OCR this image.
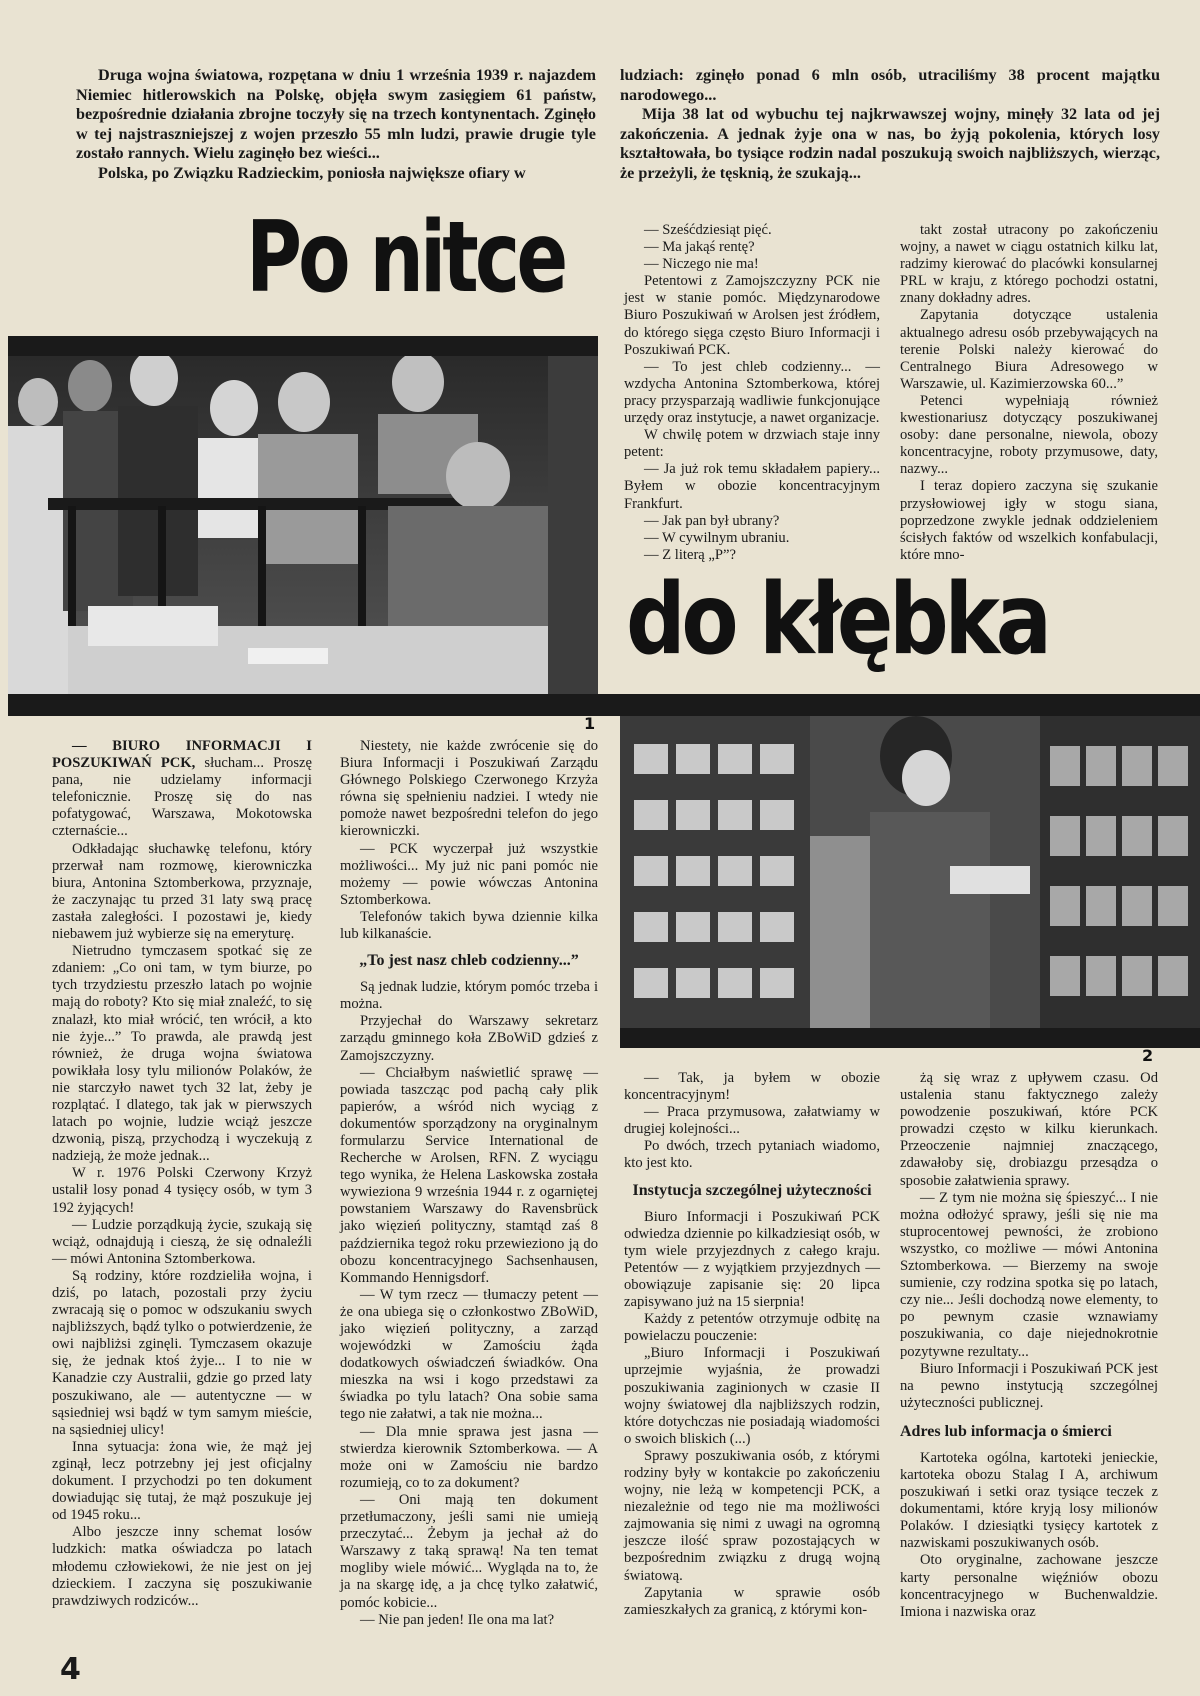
Druga wojna światowa, rozpętana w dniu 1 września 1939 r. najazdem Niemiec hitlerowskich na Polskę, objęła swym zasięgiem 61 państw, bezpośrednie działania zbrojne toczyły się na trzech kontynentach. Zginęło w tej najstraszniejszej z wojen przeszło 55 mln ludzi, prawie drugie tyle zostało rannych. Wielu zaginęło bez wieści...

Polska, po Związku Radzieckim, poniosła największe ofiary w

ludziach: zginęło ponad 6 mln osób, utraciliśmy 38 procent majątku narodowego...

Mija 38 lat od wybuchu tej najkrwawszej wojny, minęły 32 lata od jej zakończenia. A jednak żyje ona w nas, bo żyją pokolenia, których losy kształtowała, bo tysiące rodzin nadal poszukują swoich najbliższych, wierząc, że przeżyli, że tęsknią, że szukają...

Po nitce
do kłębka
1
2

— Sześćdziesiąt pięć.

— Ma jakąś rentę?

— Niczego nie ma!

Petentowi z Zamojszczyzny PCK nie jest w stanie pomóc. Międzynarodowe Biuro Poszukiwań w Arolsen jest źródłem, do którego sięga często Biuro Informacji i Poszukiwań PCK.

— To jest chleb codzienny... — wzdycha Antonina Sztomberkowa, której pracy przysparzają wadliwie funkcjonujące urzędy oraz instytucje, a nawet organizacje.

W chwilę potem w drzwiach staje inny petent:

— Ja już rok temu składałem papiery... Byłem w obozie koncentracyjnym Frankfurt.

— Jak pan był ubrany?

— W cywilnym ubraniu.

— Z literą „P”?

takt został utracony po zakończeniu wojny, a nawet w ciągu ostatnich kilku lat, radzimy kierować do placówki konsularnej PRL w kraju, z którego pochodzi ostatni, znany dokładny adres.

Zapytania dotyczące ustalenia aktualnego adresu osób przebywających na terenie Polski należy kierować do Centralnego Biura Adresowego w Warszawie, ul. Kazimierzowska 60...”

Petenci wypełniają również kwestionariusz dotyczący poszukiwanej osoby: dane personalne, niewola, obozy koncentracyjne, roboty przymusowe, daty, nazwy...

I teraz dopiero zaczyna się szukanie przysłowiowej igły w stogu siana, poprzedzone zwykle jednak oddzieleniem ścisłych faktów od wszelkich konfabulacji, które mno-

— BIURO INFORMACJI I POSZUKIWAŃ PCK, słucham... Proszę pana, nie udzielamy informacji telefonicznie. Proszę się do nas pofatygować, Warszawa, Mokotowska czternaście...

Odkładając słuchawkę telefonu, który przerwał nam rozmowę, kierowniczka biura, Antonina Sztomberkowa, przyznaje, że zaczynając tu przed 31 laty swą pracę zastała zaległości. I pozostawi je, kiedy niebawem już wybierze się na emeryturę.

Nietrudno tymczasem spotkać się ze zdaniem: „Co oni tam, w tym biurze, po tych trzydziestu przeszło latach po wojnie mają do roboty? Kto się miał znaleźć, to się znalazł, kto miał wrócić, ten wrócił, a kto nie żyje...” To prawda, ale prawdą jest również, że druga wojna światowa powikłała losy tylu milionów Polaków, że nie starczyło nawet tych 32 lat, żeby je rozplątać. I dlatego, tak jak w pierwszych latach po wojnie, ludzie wciąż jeszcze dzwonią, piszą, przychodzą i wyczekują z nadzieją, że może jednak...

W r. 1976 Polski Czerwony Krzyż ustalił losy ponad 4 tysięcy osób, w tym 3 192 żyjących!

— Ludzie porządkują życie, szukają się wciąż, odnajdują i cieszą, że się odnaleźli — mówi Antonina Sztomberkowa.

Są rodziny, które rozdzieliła wojna, i dziś, po latach, pozostali przy życiu zwracają się o pomoc w odszukaniu swych najbliższych, bądź tylko o potwierdzenie, że owi najbliżsi zginęli. Tymczasem okazuje się, że jednak ktoś żyje... I to nie w Kanadzie czy Australii, gdzie go przed laty poszukiwano, ale — autentyczne — w sąsiedniej wsi bądź w tym samym mieście, na sąsiedniej ulicy!

Inna sytuacja: żona wie, że mąż jej zginął, lecz potrzebny jej jest oficjalny dokument. I przychodzi po ten dokument dowiadując się tutaj, że mąż poszukuje jej od 1945 roku...

Albo jeszcze inny schemat losów ludzkich: matka oświadcza po latach młodemu człowiekowi, że nie jest on jej dzieckiem. I zaczyna się poszukiwanie prawdziwych rodziców...

Niestety, nie każde zwrócenie się do Biura Informacji i Poszukiwań Zarządu Głównego Polskiego Czerwonego Krzyża równa się spełnieniu nadziei. I wtedy nie pomoże nawet bezpośredni telefon do jego kierowniczki.

— PCK wyczerpał już wszystkie możliwości... My już nic pani pomóc nie możemy — powie wówczas Antonina Sztomberkowa.

Telefonów takich bywa dziennie kilka lub kilkanaście.

„To jest nasz chleb codzienny...”

Są jednak ludzie, którym pomóc trzeba i można.

Przyjechał do Warszawy sekretarz zarządu gminnego koła ZBoWiD gdzieś z Zamojszczyzny.

— Chciałbym naświetlić sprawę — powiada taszcząc pod pachą cały plik papierów, a wśród nich wyciąg z dokumentów sporządzony na oryginalnym formularzu Service International de Recherche w Arolsen, RFN. Z wyciągu tego wynika, że Helena Laskowska została wywieziona 9 września 1944 r. z ogarniętej powstaniem Warszawy do Ravensbrück jako więzień polityczny, stamtąd zaś 8 października tegoż roku przewieziono ją do obozu koncentracyjnego Sachsenhausen, Kommando Hennigsdorf.

— W tym rzecz — tłumaczy petent — że ona ubiega się o członkostwo ZBoWiD, jako więzień polityczny, a zarząd wojewódzki w Zamościu żąda dodatkowych oświadczeń świadków. Ona mieszka na wsi i kogo przedstawi za świadka po tylu latach? Ona sobie sama tego nie załatwi, a tak nie można...

— Dla mnie sprawa jest jasna — stwierdza kierownik Sztomberkowa. — A może oni w Zamościu nie bardzo rozumieją, co to za dokument?

— Oni mają ten dokument przetłumaczony, jeśli sami nie umieją przeczytać... Żebym ja jechał aż do Warszawy z taką sprawą! Na ten temat mogliby wiele mówić... Wygląda na to, że ja na skargę idę, a ja chcę tylko załatwić, pomóc kobicie...

— Nie pan jeden! Ile ona ma lat?

— Tak, ja byłem w obozie koncentracyjnym!

— Praca przymusowa, załatwiamy w drugiej kolejności...

Po dwóch, trzech pytaniach wiadomo, kto jest kto.

Instytucja szczególnej użyteczności

Biuro Informacji i Poszukiwań PCK odwiedza dziennie po kilkadziesiąt osób, w tym wiele przyjezdnych z całego kraju. Petentów — z wyjątkiem przyjezdnych — obowiązuje zapisanie się: 20 lipca zapisywano już na 15 sierpnia!

Każdy z petentów otrzymuje odbitę na powielaczu pouczenie:

„Biuro Informacji i Poszukiwań uprzejmie wyjaśnia, że prowadzi poszukiwania zaginionych w czasie II wojny światowej dla najbliższych rodzin, które dotychczas nie posiadają wiadomości o swoich bliskich (...)

Sprawy poszukiwania osób, z którymi rodziny były w kontakcie po zakończeniu wojny, nie leżą w kompetencji PCK, a niezależnie od tego nie ma możliwości zajmowania się nimi z uwagi na ogromną jeszcze ilość spraw pozostających w bezpośrednim związku z drugą wojną światową.

Zapytania w sprawie osób zamieszkałych za granicą, z którymi kon-

żą się wraz z upływem czasu. Od ustalenia stanu faktycznego zależy powodzenie poszukiwań, które PCK prowadzi często w kilku kierunkach. Przeoczenie najmniej znaczącego, zdawałoby się, drobiazgu przesądza o sposobie załatwienia sprawy.

— Z tym nie można się śpieszyć... I nie można odłożyć sprawy, jeśli się nie ma stuprocentowej pewności, że zrobiono wszystko, co możliwe — mówi Antonina Sztomberkowa. — Bierzemy na swoje sumienie, czy rodzina spotka się po latach, czy nie... Jeśli dochodzą nowe elementy, to po pewnym czasie wznawiamy poszukiwania, co daje niejednokrotnie pozytywne rezultaty...

Biuro Informacji i Poszukiwań PCK jest na pewno instytucją szczególnej użyteczności publicznej.

Adres lub informacja o śmierci

Kartoteka ogólna, kartoteki jenieckie, kartoteka obozu Stalag I A, archiwum poszukiwań i setki oraz tysiące teczek z dokumentami, które kryją losy milionów Polaków. I dziesiątki tysięcy kartotek z nazwiskami poszukiwanych osób.

Oto oryginalne, zachowane jeszcze karty personalne więźniów obozu koncentracyjnego w Buchenwaldzie. Imiona i nazwiska oraz

4
